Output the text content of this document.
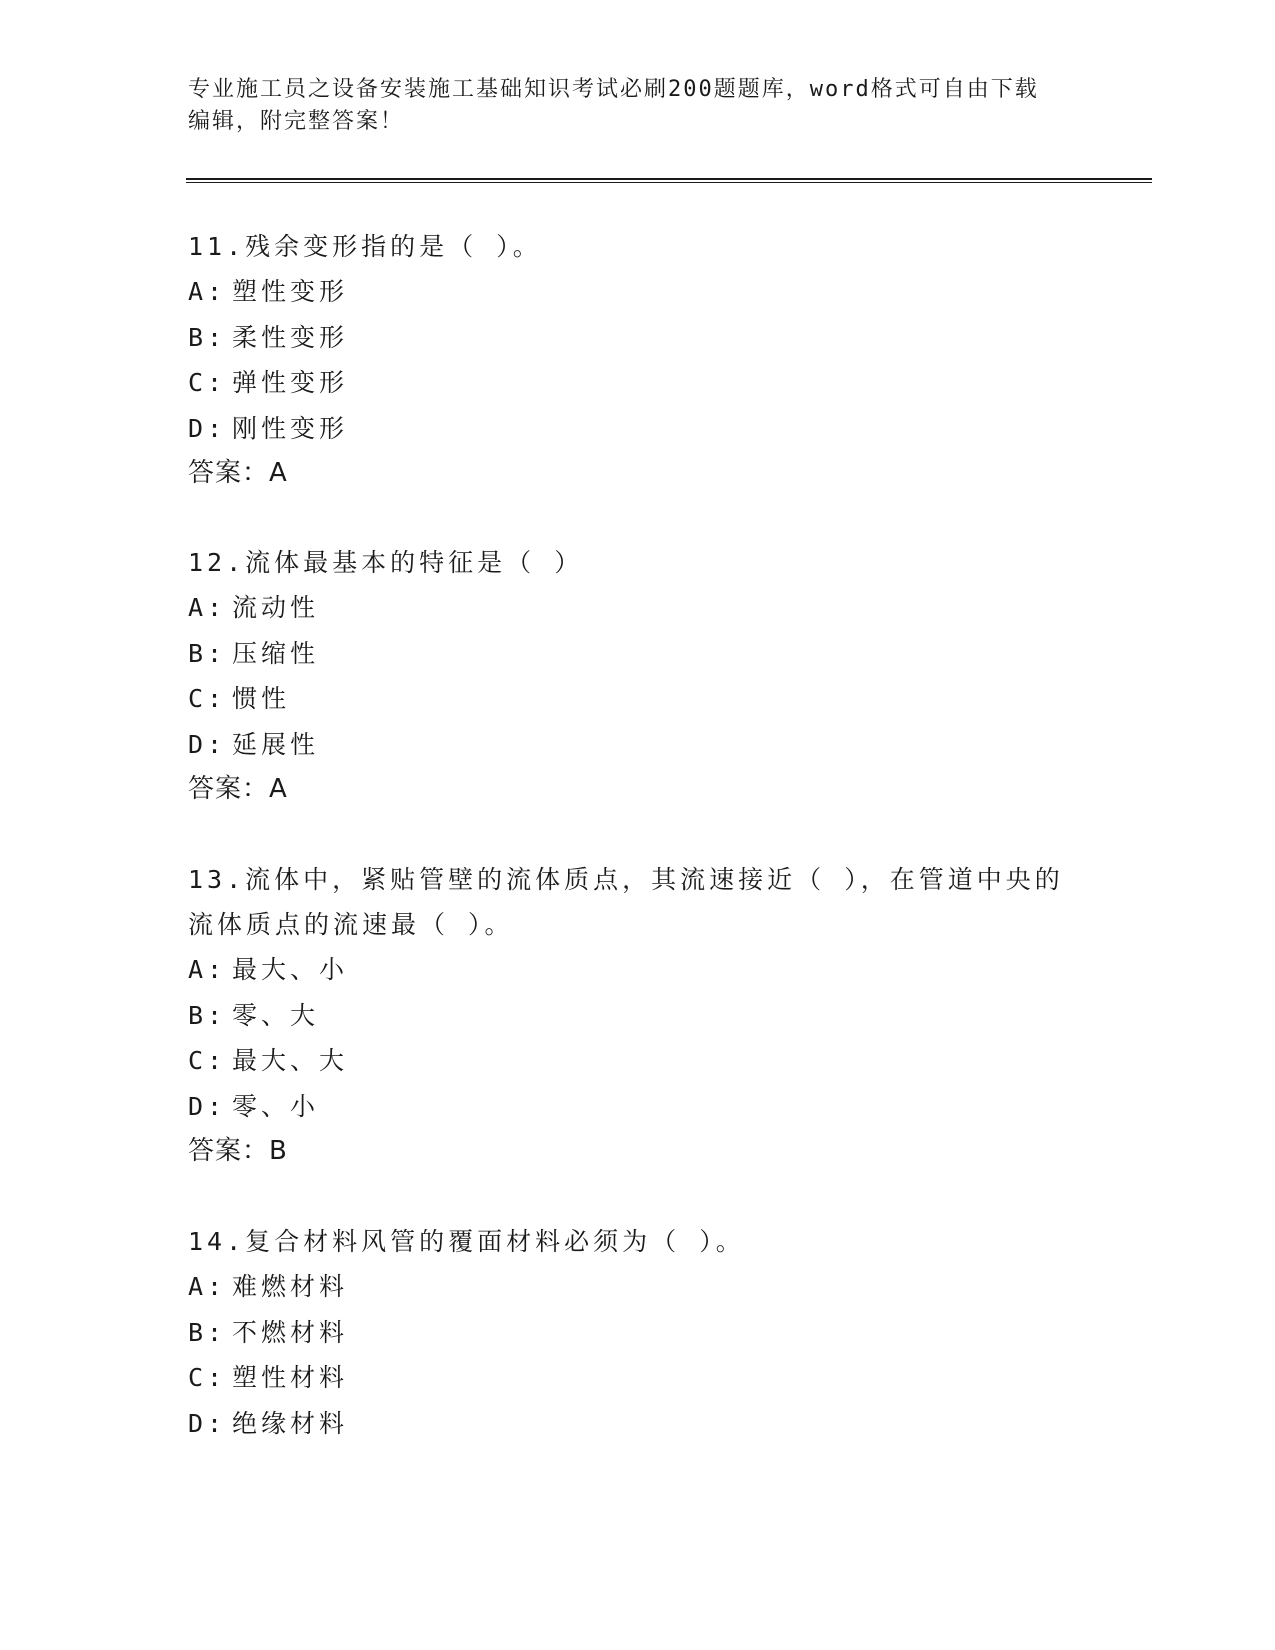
专业施工员之设备安装施工基础知识考试必刷200题题库，word格式可自由下载
编辑，附完整答案！
11.残余变形指的是（ ）。
A: 塑性变形
B: 柔性变形
C: 弹性变形
D: 刚性变形
答案：A
12.流体最基本的特征是（ ）
A: 流动性
B: 压缩性
C: 惯性
D: 延展性
答案：A
13.流体中，紧贴管壁的流体质点，其流速接近（ ），在管道中央的
流体质点的流速最（ ）。
A: 最大、小
B: 零、大
C: 最大、大
D: 零、小
答案：B
14.复合材料风管的覆面材料必须为（ ）。
A: 难燃材料
B: 不燃材料
C: 塑性材料
D: 绝缘材料
